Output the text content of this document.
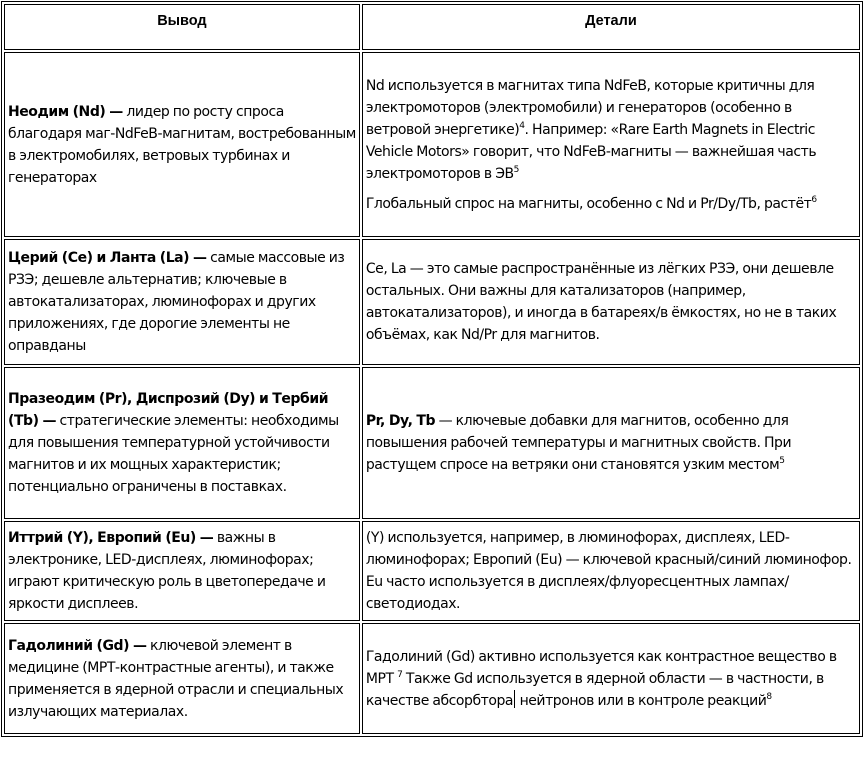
Вывод	Детали
Неодим (Nd) — лидер по росту спроса благодаря маг-NdFeB-магнитам, востребованным в электромобилях, ветровых турбинах и генераторах	Nd используется в магнитах типа NdFeB, которые критичны для электромоторов (электромобили) и генераторов (особенно в ветровой энергетике)$^4$. Например: «Rare Earth Magnets in Electric Vehicle Motors» говорит, что NdFeB-магниты — важнейшая часть электромоторов в $ЭВ^5$

Глобальный спрос на магниты, особенно с Nd и Pr/Dy/Tb, растёт$^6$

Церий (Ce) и Ланта (La) — самые массовые из РЗЭ; дешевле альтернатив; ключевые в автокатализаторах, люминофорах и других приложениях, где дорогие элементы не оправданы	Ce, La — это самые распространённые из лёгких РЗЭ, они дешевле остальных. Они важны для катализаторов (например, автокатализаторов), и иногда в батареях/в ёмкостях, но не в таких объёмах, как Nd/Pr для магнитов.
Празеодим (Pr), Диспрозий (Dy) и Тербий (Tb) — стратегические элементы: необходимы для повышения температурной устойчивости магнитов и их мощных характеристик; потенциально ограничены в поставках.	Pr, Dy, Tb — ключевые добавки для магнитов, особенно для повышения рабочей температуры и магнитных свойств. При растущем спросе на ветряки они становятся узким местом$^5$
Иттрий (Y), Европий (Eu) — важны в электронике, LED-дисплеях, люминофорах; играют критическую роль в цветопередаче и яркости дисплеев.	(Y) используется, например, в люминофорах, дисплеях, LED-люминофорах; Европий (Eu) — ключевой красный/синий люминофор. Eu часто используется в дисплеях/флуоресцентных лампах/светодиодах.
Гадолиний (Gd) — ключевой элемент в медицине (МРТ-контрастные агенты), и также применяется в ядерной отрасли и специальных излучающих материалах.	Гадолиний (Gd) активно используется как контрастное вещество в МРТ $^7$ Также Gd используется в ядерной области — в частности, в качестве абсорбтора нейтронов или в контроле реакций$^8$
